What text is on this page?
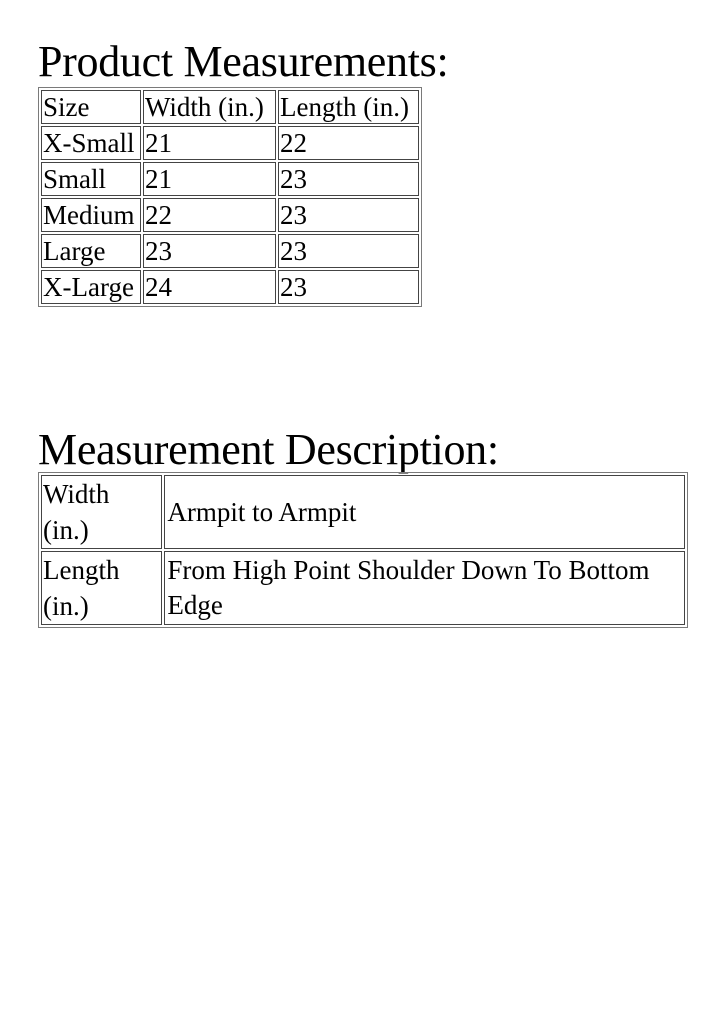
Product Measurements:
Size	Width (in.)	Length (in.)
X-Small	21	22
Small	21	23
Medium	22	23
Large	23	23
X-Large	24	23
Measurement Description:
Width (in.)	Armpit to Armpit
Length (in.)	From High Point Shoulder Down To Bottom Edge
